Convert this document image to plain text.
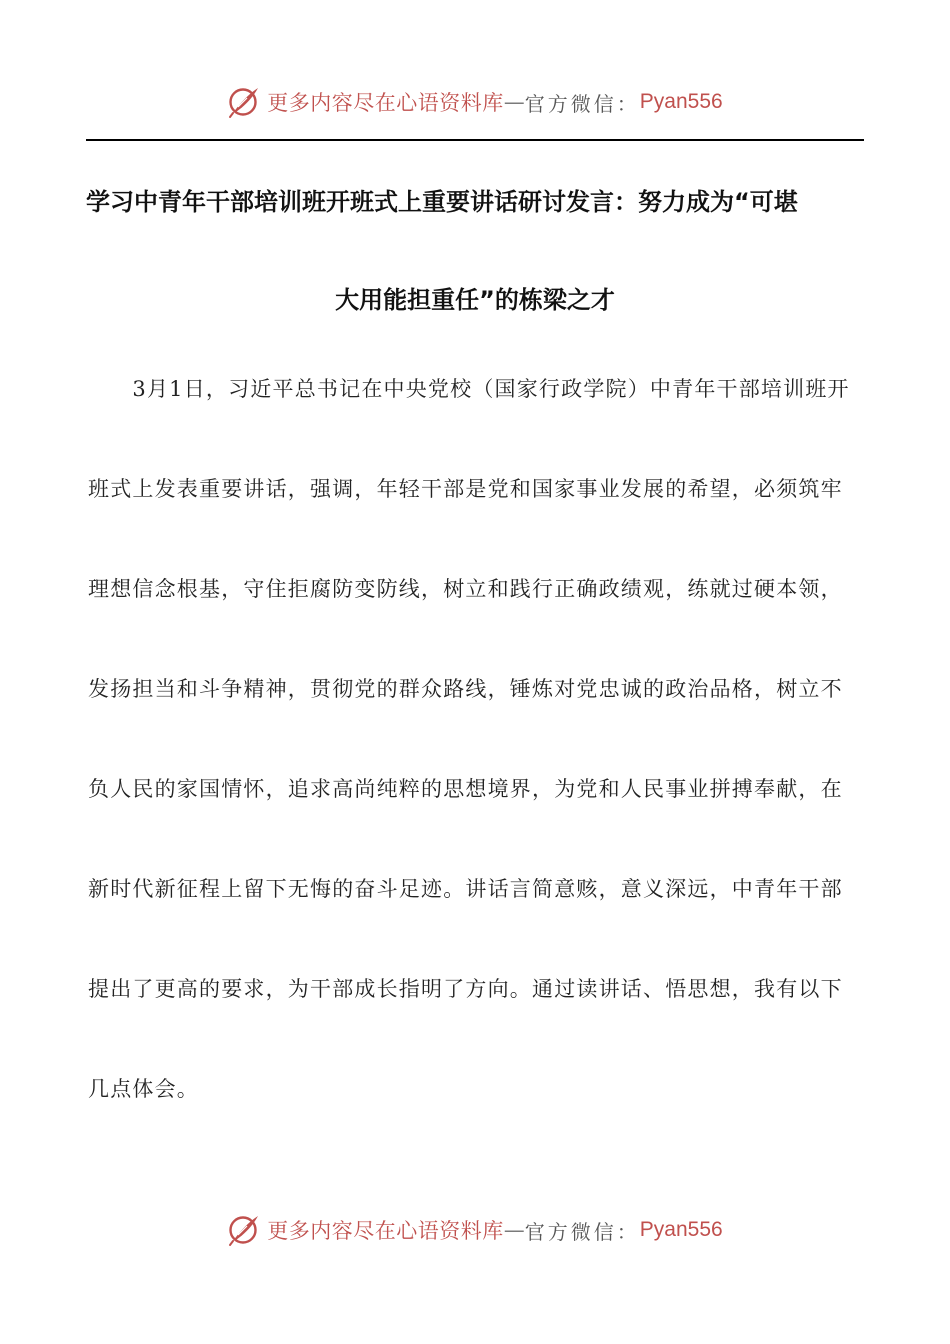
更多内容尽在心语资料库 — 官方微信： Pyan556
学习中青年干部培训班开班式上重要讲话研讨发言：努力成为“可堪
大用能担重任”的栋梁之才
　　3月1日，习近平总书记在中央党校（国家行政学院）中青年干部培训班开
班式上发表重要讲话，强调，年轻干部是党和国家事业发展的希望，必须筑牢
理想信念根基，守住拒腐防变防线，树立和践行正确政绩观，练就过硬本领，
发扬担当和斗争精神，贯彻党的群众路线，锤炼对党忠诚的政治品格，树立不
负人民的家国情怀，追求高尚纯粹的思想境界，为党和人民事业拼搏奉献，在
新时代新征程上留下无悔的奋斗足迹。讲话言简意赅，意义深远，中青年干部
提出了更高的要求，为干部成长指明了方向。通过读讲话、悟思想，我有以下
几点体会。
更多内容尽在心语资料库 — 官方微信： Pyan556
